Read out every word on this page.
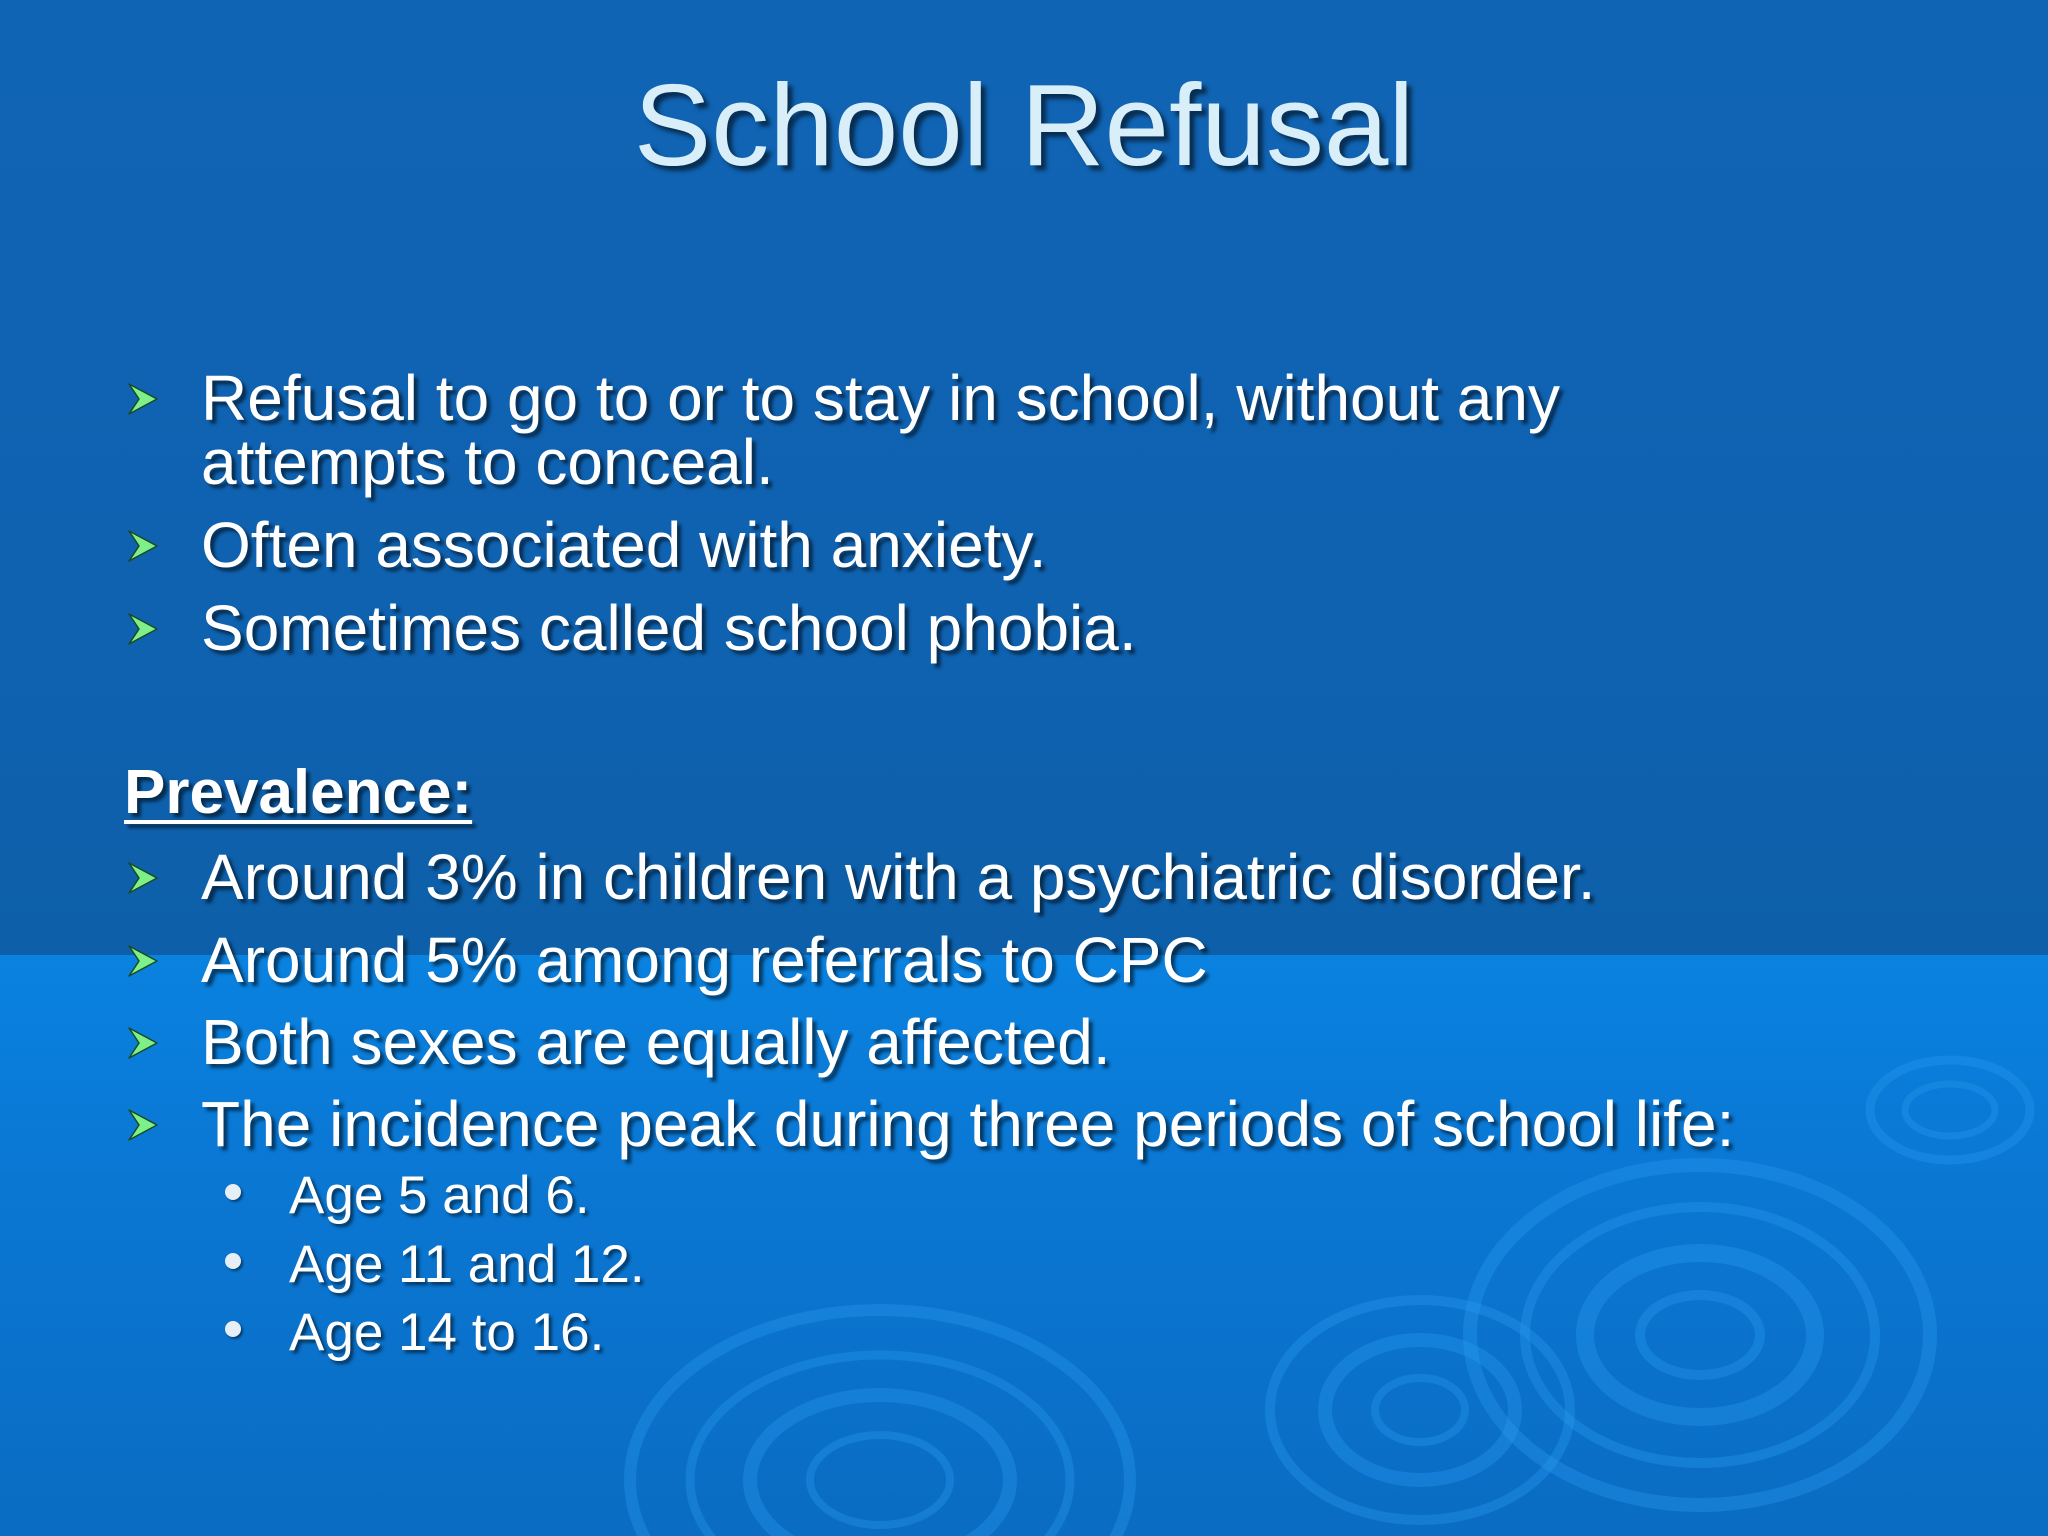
School Refusal
Refusal to go to or to stay in school, without any
attempts to conceal.
Often associated with anxiety.
Sometimes called school phobia.
Prevalence:
Around 3% in children with a psychiatric disorder.
Around 5% among referrals to CPC
Both sexes are equally affected.
The incidence peak during three periods of school life:
Age 5 and 6.
Age 11 and 12.
Age 14 to 16.
